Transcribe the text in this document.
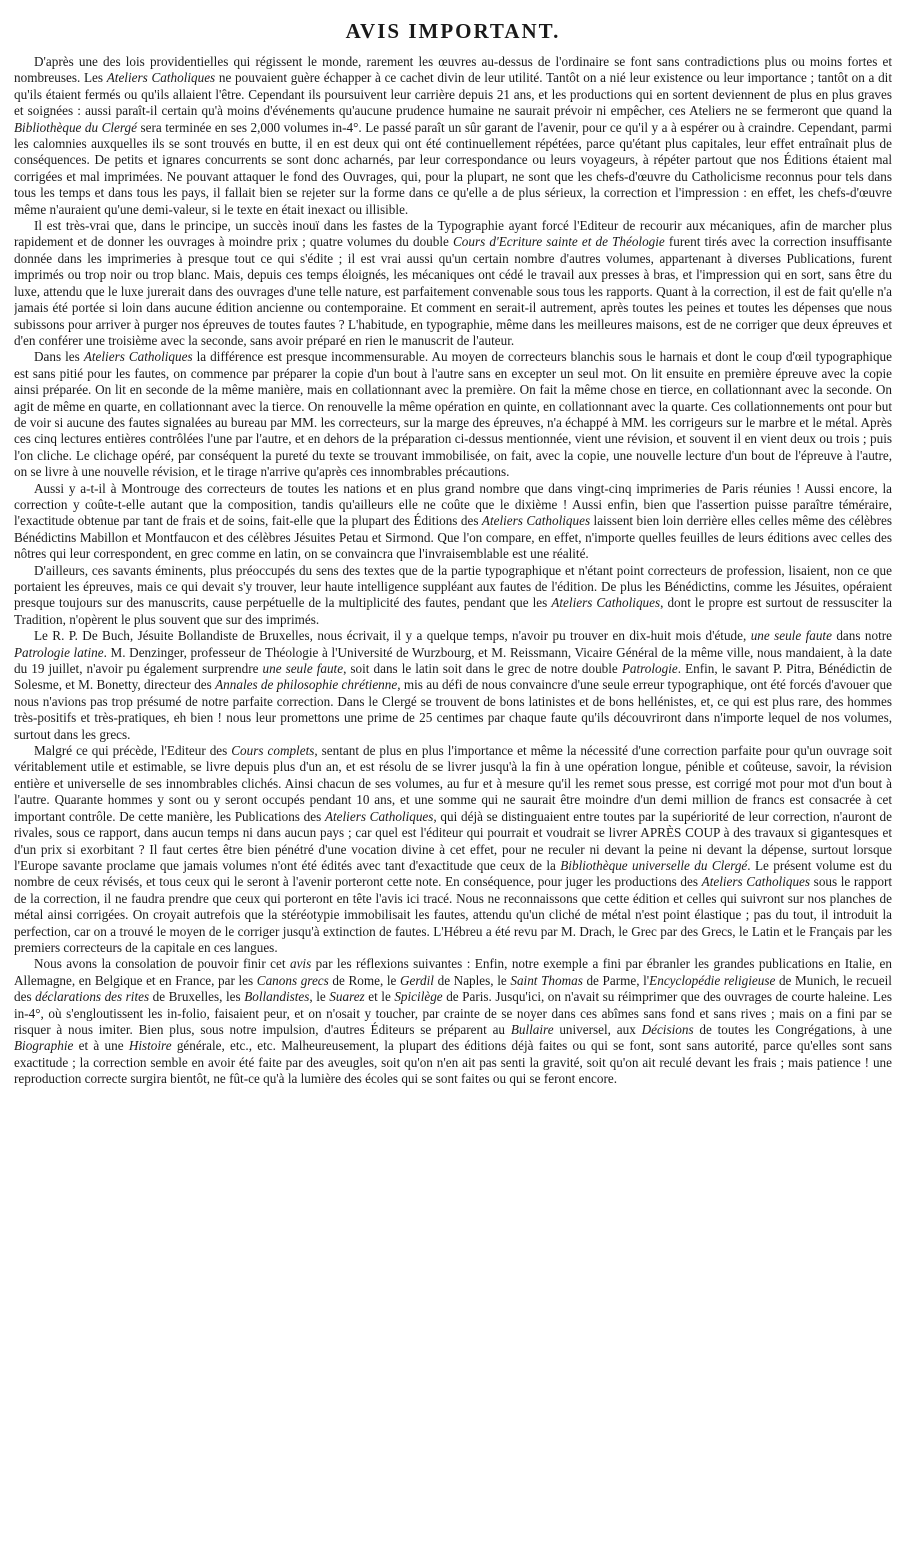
AVIS IMPORTANT.

D'après une des lois providentielles qui régissent le monde, rarement les œuvres au-dessus de l'ordinaire se font sans contradictions plus ou moins fortes et nombreuses. Les Ateliers Catholiques ne pouvaient guère échapper à ce cachet divin de leur utilité. Tantôt on a nié leur existence ou leur importance ; tantôt on a dit qu'ils étaient fermés ou qu'ils allaient l'être. Cependant ils poursuivent leur carrière depuis 21 ans, et les productions qui en sortent deviennent de plus en plus graves et soignées : aussi paraît-il certain qu'à moins d'événements qu'aucune prudence humaine ne saurait prévoir ni empêcher, ces Ateliers ne se fermeront que quand la Bibliothèque du Clergé sera terminée en ses 2,000 volumes in-4°. Le passé paraît un sûr garant de l'avenir, pour ce qu'il y a à espérer ou à craindre. Cependant, parmi les calomnies auxquelles ils se sont trouvés en butte, il en est deux qui ont été continuellement répétées, parce qu'étant plus capitales, leur effet entraînait plus de conséquences. De petits et ignares concurrents se sont donc acharnés, par leur correspondance ou leurs voyageurs, à répéter partout que nos Éditions étaient mal corrigées et mal imprimées. Ne pouvant attaquer le fond des Ouvrages, qui, pour la plupart, ne sont que les chefs-d'œuvre du Catholicisme reconnus pour tels dans tous les temps et dans tous les pays, il fallait bien se rejeter sur la forme dans ce qu'elle a de plus sérieux, la correction et l'impression : en effet, les chefs-d'œuvre même n'auraient qu'une demi-valeur, si le texte en était inexact ou illisible.

Il est très-vrai que, dans le principe, un succès inouï dans les fastes de la Typographie ayant forcé l'Editeur de recourir aux mécaniques, afin de marcher plus rapidement et de donner les ouvrages à moindre prix ; quatre volumes du double Cours d'Ecriture sainte et de Théologie furent tirés avec la correction insuffisante donnée dans les imprimeries à presque tout ce qui s'édite ; il est vrai aussi qu'un certain nombre d'autres volumes, appartenant à diverses Publications, furent imprimés ou trop noir ou trop blanc. Mais, depuis ces temps éloignés, les mécaniques ont cédé le travail aux presses à bras, et l'impression qui en sort, sans être du luxe, attendu que le luxe jurerait dans des ouvrages d'une telle nature, est parfaitement convenable sous tous les rapports. Quant à la correction, il est de fait qu'elle n'a jamais été portée si loin dans aucune édition ancienne ou contemporaine. Et comment en serait-il autrement, après toutes les peines et toutes les dépenses que nous subissons pour arriver à purger nos épreuves de toutes fautes ? L'habitude, en typographie, même dans les meilleures maisons, est de ne corriger que deux épreuves et d'en conférer une troisième avec la seconde, sans avoir préparé en rien le manuscrit de l'auteur.

Dans les Ateliers Catholiques la différence est presque incommensurable. Au moyen de correcteurs blanchis sous le harnais et dont le coup d'œil typographique est sans pitié pour les fautes, on commence par préparer la copie d'un bout à l'autre sans en excepter un seul mot. On lit ensuite en première épreuve avec la copie ainsi préparée. On lit en seconde de la même manière, mais en collationnant avec la première. On fait la même chose en tierce, en collationnant avec la seconde. On agit de même en quarte, en collationnant avec la tierce. On renouvelle la même opération en quinte, en collationnant avec la quarte. Ces collationnements ont pour but de voir si aucune des fautes signalées au bureau par MM. les correcteurs, sur la marge des épreuves, n'a échappé à MM. les corrigeurs sur le marbre et le métal. Après ces cinq lectures entières contrôlées l'une par l'autre, et en dehors de la préparation ci-dessus mentionnée, vient une révision, et souvent il en vient deux ou trois ; puis l'on cliche. Le clichage opéré, par conséquent la pureté du texte se trouvant immobilisée, on fait, avec la copie, une nouvelle lecture d'un bout de l'épreuve à l'autre, on se livre à une nouvelle révision, et le tirage n'arrive qu'après ces innombrables précautions.

Aussi y a-t-il à Montrouge des correcteurs de toutes les nations et en plus grand nombre que dans vingt-cinq imprimeries de Paris réunies ! Aussi encore, la correction y coûte-t-elle autant que la composition, tandis qu'ailleurs elle ne coûte que le dixième ! Aussi enfin, bien que l'assertion puisse paraître téméraire, l'exactitude obtenue par tant de frais et de soins, fait-elle que la plupart des Éditions des Ateliers Catholiques laissent bien loin derrière elles celles même des célèbres Bénédictins Mabillon et Montfaucon et des célèbres Jésuites Petau et Sirmond. Que l'on compare, en effet, n'importe quelles feuilles de leurs éditions avec celles des nôtres qui leur correspondent, en grec comme en latin, on se convaincra que l'invraisemblable est une réalité.

D'ailleurs, ces savants éminents, plus préoccupés du sens des textes que de la partie typographique et n'étant point correcteurs de profession, lisaient, non ce que portaient les épreuves, mais ce qui devait s'y trouver, leur haute intelligence suppléant aux fautes de l'édition. De plus les Bénédictins, comme les Jésuites, opéraient presque toujours sur des manuscrits, cause perpétuelle de la multiplicité des fautes, pendant que les Ateliers Catholiques, dont le propre est surtout de ressusciter la Tradition, n'opèrent le plus souvent que sur des imprimés.

Le R. P. De Buch, Jésuite Bollandiste de Bruxelles, nous écrivait, il y a quelque temps, n'avoir pu trouver en dix-huit mois d'étude, une seule faute dans notre Patrologie latine. M. Denzinger, professeur de Théologie à l'Université de Wurzbourg, et M. Reissmann, Vicaire Général de la même ville, nous mandaient, à la date du 19 juillet, n'avoir pu également surprendre une seule faute, soit dans le latin soit dans le grec de notre double Patrologie. Enfin, le savant P. Pitra, Bénédictin de Solesme, et M. Bonetty, directeur des Annales de philosophie chrétienne, mis au défi de nous convaincre d'une seule erreur typographique, ont été forcés d'avouer que nous n'avions pas trop présumé de notre parfaite correction. Dans le Clergé se trouvent de bons latinistes et de bons hellénistes, et, ce qui est plus rare, des hommes très-positifs et très-pratiques, eh bien ! nous leur promettons une prime de 25 centimes par chaque faute qu'ils découvriront dans n'importe lequel de nos volumes, surtout dans les grecs.

Malgré ce qui précède, l'Editeur des Cours complets, sentant de plus en plus l'importance et même la nécessité d'une correction parfaite pour qu'un ouvrage soit véritablement utile et estimable, se livre depuis plus d'un an, et est résolu de se livrer jusqu'à la fin à une opération longue, pénible et coûteuse, savoir, la révision entière et universelle de ses innombrables clichés. Ainsi chacun de ses volumes, au fur et à mesure qu'il les remet sous presse, est corrigé mot pour mot d'un bout à l'autre. Quarante hommes y sont ou y seront occupés pendant 10 ans, et une somme qui ne saurait être moindre d'un demi million de francs est consacrée à cet important contrôle. De cette manière, les Publications des Ateliers Catholiques, qui déjà se distinguaient entre toutes par la supériorité de leur correction, n'auront de rivales, sous ce rapport, dans aucun temps ni dans aucun pays ; car quel est l'éditeur qui pourrait et voudrait se livrer APRÈS COUP à des travaux si gigantesques et d'un prix si exorbitant ? Il faut certes être bien pénétré d'une vocation divine à cet effet, pour ne reculer ni devant la peine ni devant la dépense, surtout lorsque l'Europe savante proclame que jamais volumes n'ont été édités avec tant d'exactitude que ceux de la Bibliothèque universelle du Clergé. Le présent volume est du nombre de ceux révisés, et tous ceux qui le seront à l'avenir porteront cette note. En conséquence, pour juger les productions des Ateliers Catholiques sous le rapport de la correction, il ne faudra prendre que ceux qui porteront en tête l'avis ici tracé. Nous ne reconnaissons que cette édition et celles qui suivront sur nos planches de métal ainsi corrigées. On croyait autrefois que la stéréotypie immobilisait les fautes, attendu qu'un cliché de métal n'est point élastique ; pas du tout, il introduit la perfection, car on a trouvé le moyen de le corriger jusqu'à extinction de fautes. L'Hébreu a été revu par M. Drach, le Grec par des Grecs, le Latin et le Français par les premiers correcteurs de la capitale en ces langues.

Nous avons la consolation de pouvoir finir cet avis par les réflexions suivantes : Enfin, notre exemple a fini par ébranler les grandes publications en Italie, en Allemagne, en Belgique et en France, par les Canons grecs de Rome, le Gerdil de Naples, le Saint Thomas de Parme, l'Encyclopédie religieuse de Munich, le recueil des déclarations des rites de Bruxelles, les Bollandistes, le Suarez et le Spicilège de Paris. Jusqu'ici, on n'avait su réimprimer que des ouvrages de courte haleine. Les in-4°, où s'engloutissent les in-folio, faisaient peur, et on n'osait y toucher, par crainte de se noyer dans ces abîmes sans fond et sans rives ; mais on a fini par se risquer à nous imiter. Bien plus, sous notre impulsion, d'autres Éditeurs se préparent au Bullaire universel, aux Décisions de toutes les Congrégations, à une Biographie et à une Histoire générale, etc., etc. Malheureusement, la plupart des éditions déjà faites ou qui se font, sont sans autorité, parce qu'elles sont sans exactitude ; la correction semble en avoir été faite par des aveugles, soit qu'on n'en ait pas senti la gravité, soit qu'on ait reculé devant les frais ; mais patience ! une reproduction correcte surgira bientôt, ne fût-ce qu'à la lumière des écoles qui se sont faites ou qui se feront encore.
